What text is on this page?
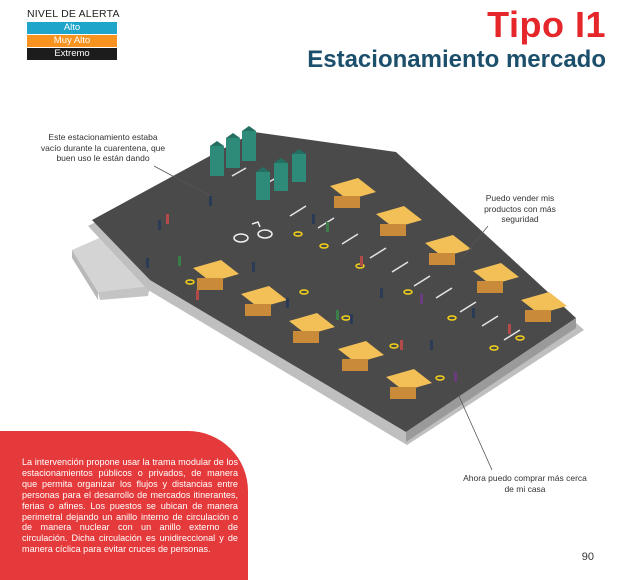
NIVEL DE ALERTA
Alto
Muy Alto
Extremo
Tipo I1
Estacionamiento mercado
Este estacionamiento estaba vacío durante la cuarentena, que buen uso le están dando
Puedo vender mis productos con más seguridad
Ahora puedo comprar más cerca de mi casa

La intervención propone usar la trama modular de los estacionamientos públicos o privados, de manera que permita organizar los flujos y distancias entre personas para el desarrollo de mercados itinerantes, ferias o afines. Los puestos se ubican de manera perimetral dejando un anillo interno de circulación o de manera nuclear con un anillo externo de circulación. Dicha circulación es unidireccional y de manera cíclica para evitar cruces de personas.

90
